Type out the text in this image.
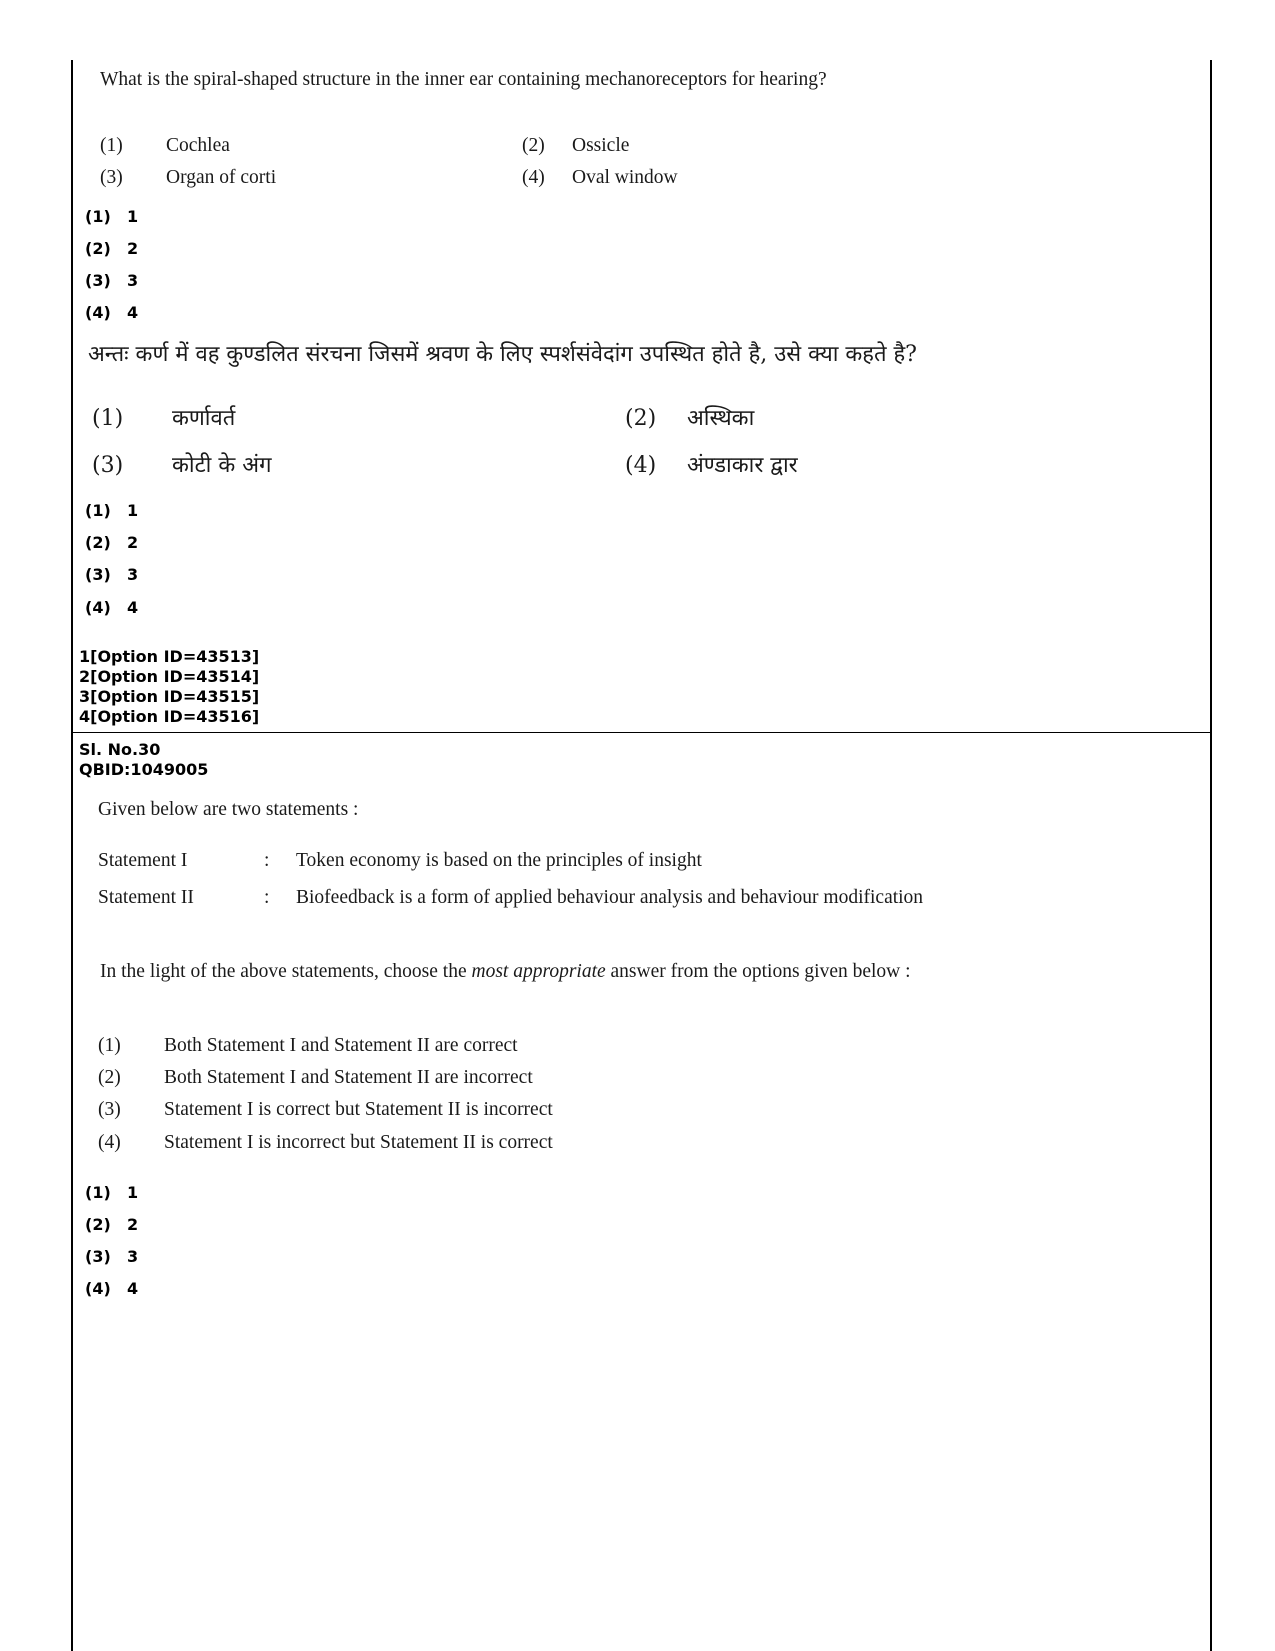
What is the spiral-shaped structure in the inner ear containing mechanoreceptors for hearing?
(1) Cochlea	(2) Ossicle
(3) Organ of corti	(4) Oval window
(1) 1
(2) 2
(3) 3
(4) 4
अन्तः कर्ण में वह कुण्डलित संरचना जिसमें श्रवण के लिए स्पर्शसंवेदांग उपस्थित होते है, उसे क्या कहते है?
(1) कर्णावर्त	(2) अस्थिका
(3) कोटी के अंग	(4) अंण्डाकार द्वार
(1) 1
(2) 2
(3) 3
(4) 4
1[Option ID=43513]
2[Option ID=43514]
3[Option ID=43515]
4[Option ID=43516]
Sl. No.30
QBID:1049005
Given below are two statements :
Statement I	: Token economy is based on the principles of insight
Statement II	: Biofeedback is a form of applied behaviour analysis and behaviour modification
In the light of the above statements, choose the most appropriate answer from the options given below :
(1) Both Statement I and Statement II are correct
(2) Both Statement I and Statement II are incorrect
(3) Statement I is correct but Statement II is incorrect
(4) Statement I is incorrect but Statement II is correct
(1) 1
(2) 2
(3) 3
(4) 4
